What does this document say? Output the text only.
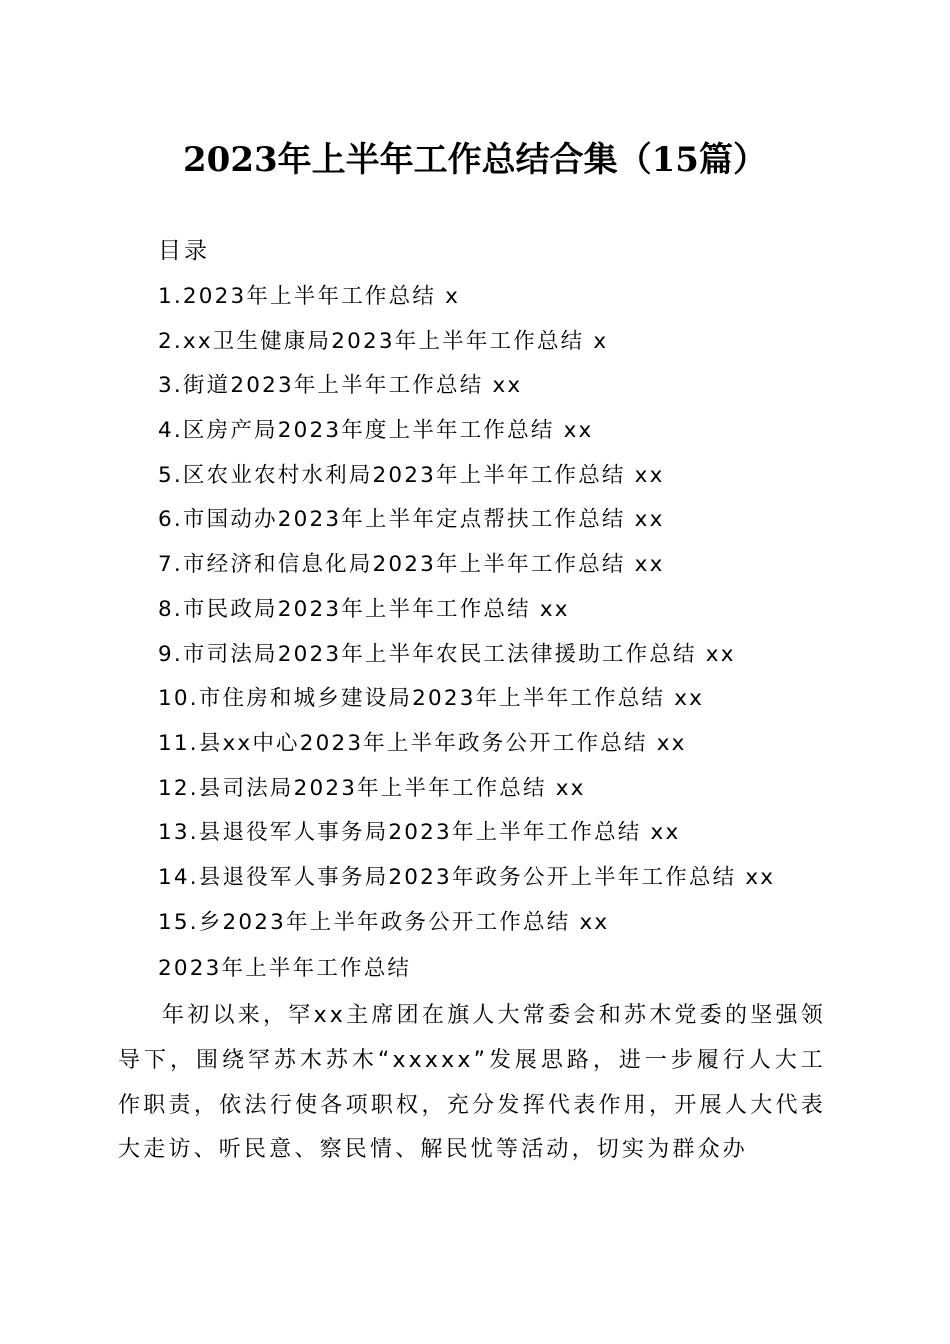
2023年上半年工作总结合集（15篇）
目录
1.2023年上半年工作总结 x
2.xx卫生健康局2023年上半年工作总结 x
3.街道2023年上半年工作总结 xx
4.区房产局2023年度上半年工作总结 xx
5.区农业农村水利局2023年上半年工作总结 xx
6.市国动办2023年上半年定点帮扶工作总结 xx
7.市经济和信息化局2023年上半年工作总结 xx
8.市民政局2023年上半年工作总结 xx
9.市司法局2023年上半年农民工法律援助工作总结 xx
10.市住房和城乡建设局2023年上半年工作总结 xx
11.县xx中心2023年上半年政务公开工作总结 xx
12.县司法局2023年上半年工作总结 xx
13.县退役军人事务局2023年上半年工作总结 xx
14.县退役军人事务局2023年政务公开上半年工作总结 xx
15.乡2023年上半年政务公开工作总结 xx
2023年上半年工作总结

年初以来，罕xx主席团在旗人大常委会和苏木党委的坚强领导下，围绕罕苏木苏木“xxxxx”发展思路，进一步履行人大工作职责，依法行使各项职权，充分发挥代表作用，开展人大代表大走访、听民意、察民情、解民忧等活动，切实为群众办
